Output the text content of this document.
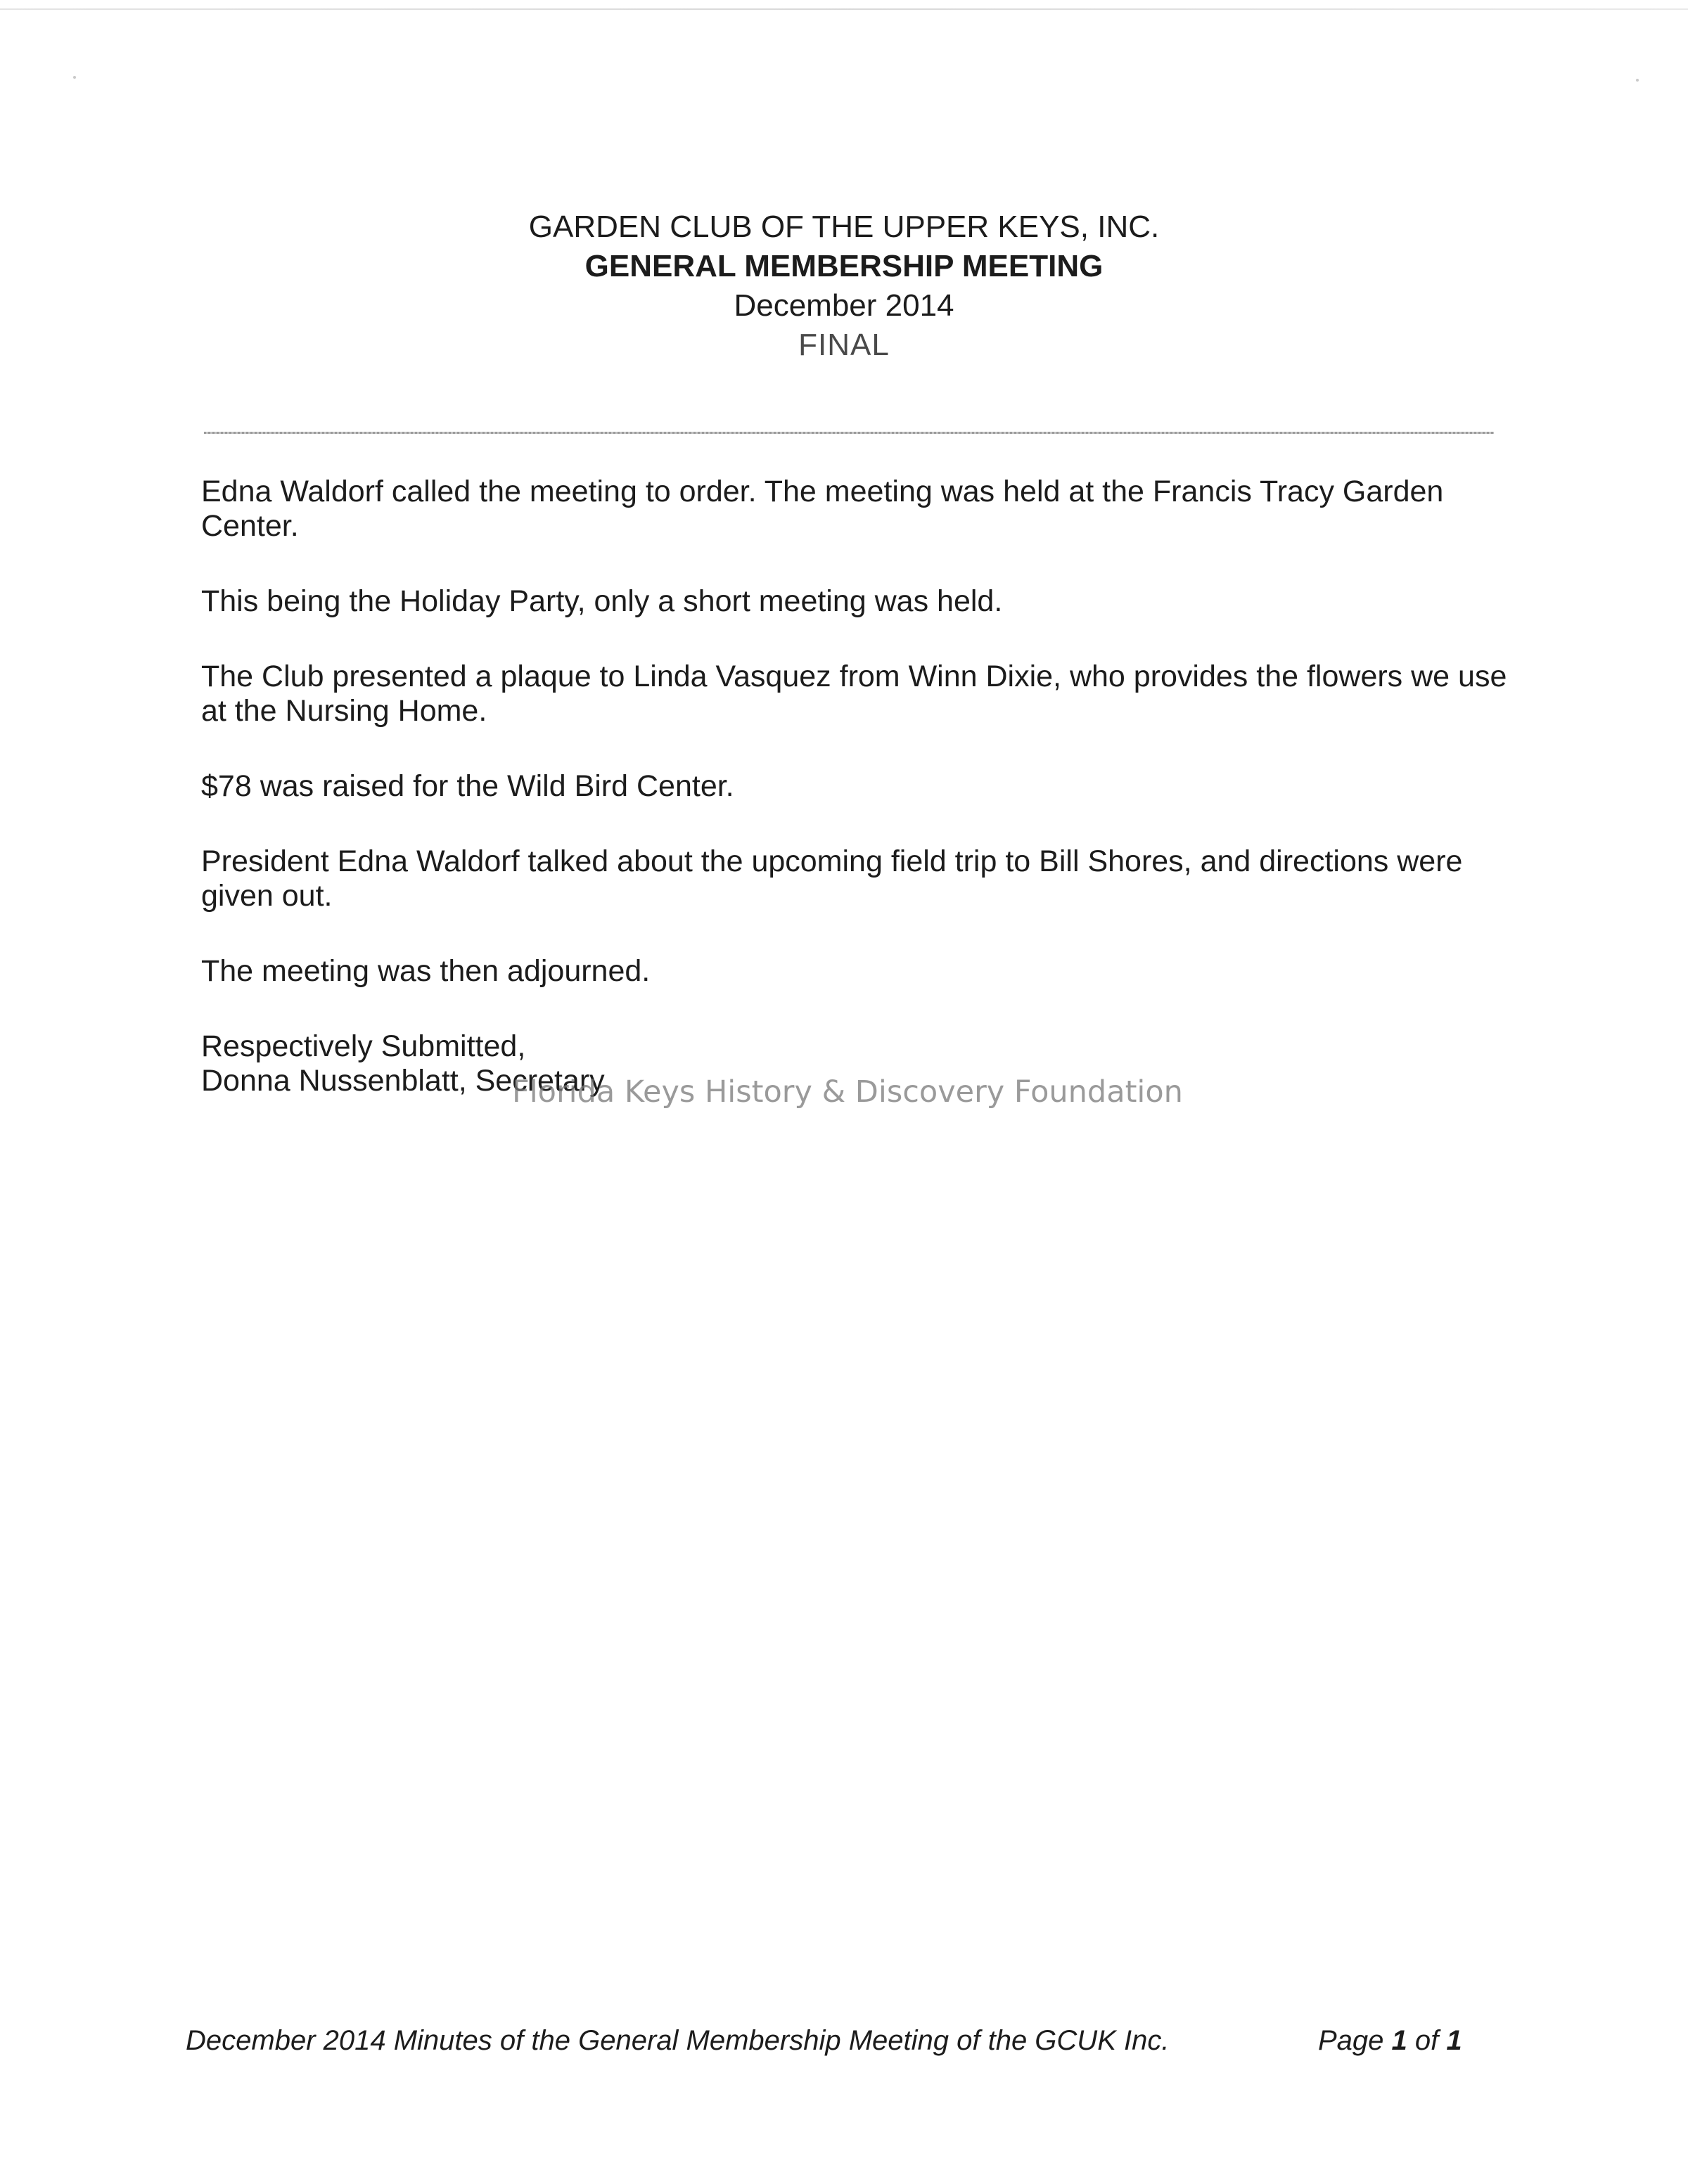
GARDEN CLUB OF THE UPPER KEYS, INC.
GENERAL MEMBERSHIP MEETING
December 2014
FINAL

Edna Waldorf called the meeting to order. The meeting was held at the Francis Tracy Garden Center.

This being the Holiday Party, only a short meeting was held.

The Club presented a plaque to Linda Vasquez from Winn Dixie, who provides the flowers we use at the Nursing Home.

$78 was raised for the Wild Bird Center.

President Edna Waldorf talked about the upcoming field trip to Bill Shores, and directions were given out.

The meeting was then adjourned.

Respectively Submitted,
Donna Nussenblatt, Secretary
Florida Keys History & Discovery Foundation
December 2014 Minutes of the General Membership Meeting of the GCUK Inc.	Page 1 of 1
